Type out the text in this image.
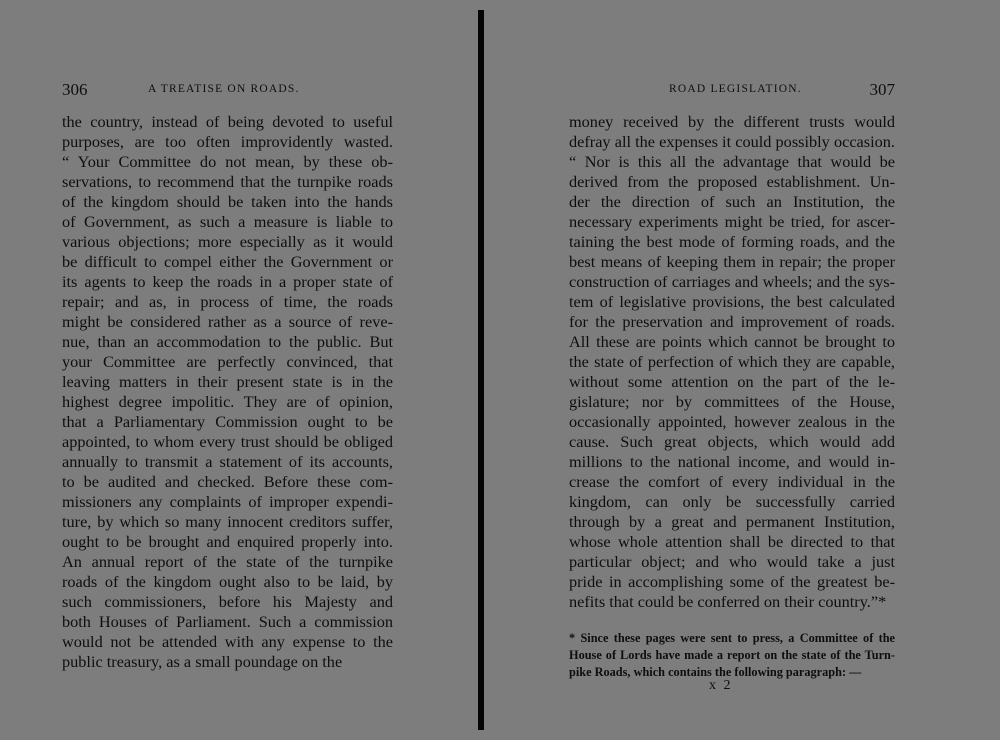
306	A TREATISE ON ROADS.
the country, instead of being devoted to useful
purposes, are too often improvidently wasted.
“ Your Committee do not mean, by these ob-
servations, to recommend that the turnpike roads
of the kingdom should be taken into the hands
of Government, as such a measure is liable to
various objections; more especially as it would
be difficult to compel either the Government or
its agents to keep the roads in a proper state of
repair; and as, in process of time, the roads
might be considered rather as a source of reve-
nue, than an accommodation to the public. But
your Committee are perfectly convinced, that
leaving matters in their present state is in the
highest degree impolitic. They are of opinion,
that a Parliamentary Commission ought to be
appointed, to whom every trust should be obliged
annually to transmit a statement of its accounts,
to be audited and checked. Before these com-
missioners any complaints of improper expendi-
ture, by which so many innocent creditors suffer,
ought to be brought and enquired properly into.
An annual report of the state of the turnpike
roads of the kingdom ought also to be laid, by
such commissioners, before his Majesty and
both Houses of Parliament. Such a commission
would not be attended with any expense to the
public treasury, as a small poundage on the
ROAD LEGISLATION.	307
money received by the different trusts would
defray all the expenses it could possibly occasion.
“ Nor is this all the advantage that would be
derived from the proposed establishment. Un-
der the direction of such an Institution, the
necessary experiments might be tried, for ascer-
taining the best mode of forming roads, and the
best means of keeping them in repair; the proper
construction of carriages and wheels; and the sys-
tem of legislative provisions, the best calculated
for the preservation and improvement of roads.
All these are points which cannot be brought to
the state of perfection of which they are capable,
without some attention on the part of the le-
gislature; nor by committees of the House,
occasionally appointed, however zealous in the
cause. Such great objects, which would add
millions to the national income, and would in-
crease the comfort of every individual in the
kingdom, can only be successfully carried
through by a great and permanent Institution,
whose whole attention shall be directed to that
particular object; and who would take a just
pride in accomplishing some of the greatest be-
nefits that could be conferred on their country.”*
* Since these pages were sent to press, a Committee of the
House of Lords have made a report on the state of the Turn-
pike Roads, which contains the following paragraph: —
x 2
